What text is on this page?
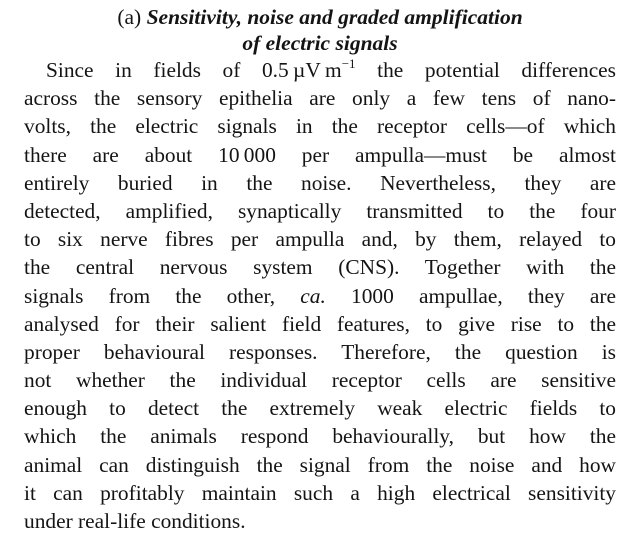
(a) Sensitivity, noise and graded amplification
of electric signals
Since in fields of 0.5 µV $m^{-1}$ the potential differences
across the sensory epithelia are only a few tens of nano-
volts, the electric signals in the receptor cells—of which
there are about 10 000 per ampulla—must be almost
entirely buried in the noise. Nevertheless, they are
detected, amplified, synaptically transmitted to the four
to six nerve fibres per ampulla and, by them, relayed to
the central nervous system (CNS). Together with the
signals from the other, ca. 1000 ampullae, they are
analysed for their salient field features, to give rise to the
proper behavioural responses. Therefore, the question is
not whether the individual receptor cells are sensitive
enough to detect the extremely weak electric fields to
which the animals respond behaviourally, but how the
animal can distinguish the signal from the noise and how
it can profitably maintain such a high electrical sensitivity
under real-life conditions.
